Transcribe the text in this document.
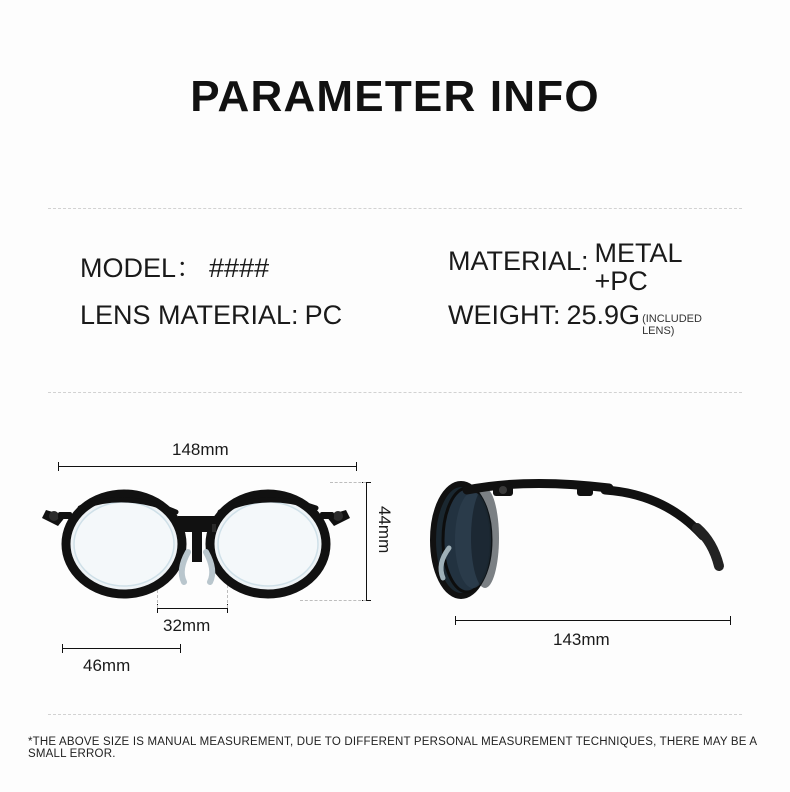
PARAMETER INFO
MODEL： ####
LENS MATERIAL: PC
MATERIAL: METAL
+PC
WEIGHT: 25.9G (INCLUDED
LENS)
148mm
44mm
32mm
46mm
143mm
*THE ABOVE SIZE IS MANUAL MEASUREMENT, DUE TO DIFFERENT PERSONAL MEASUREMENT TECHNIQUES, THERE MAY BE A SMALL ERROR.
